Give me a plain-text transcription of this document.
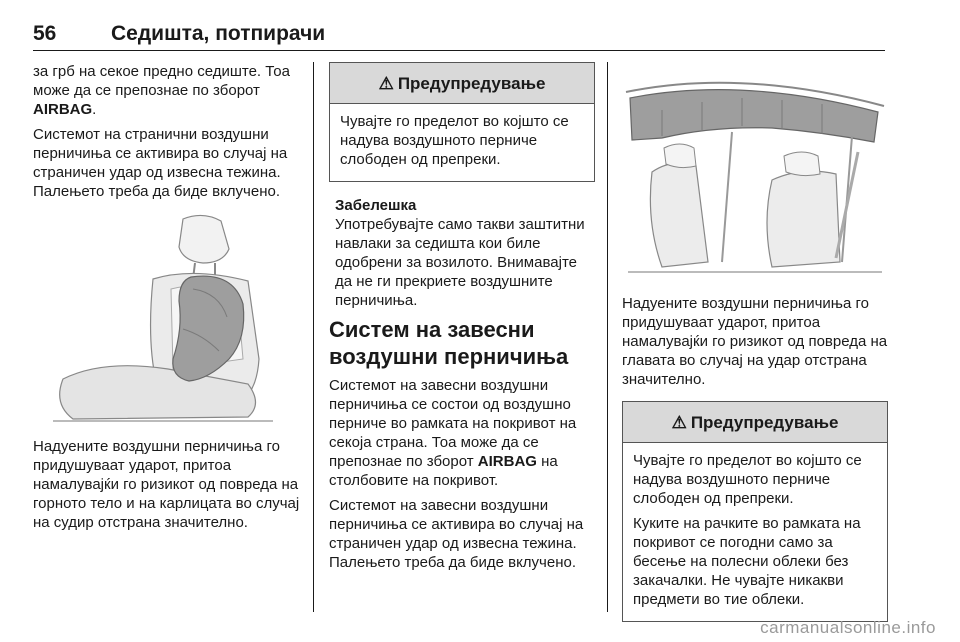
56	Седишта, потпирачи

за грб на секое предно седиште. Тоа може да се препознае по зборот AIRBAG.

Системот на странични воздушни перничиња се активира во случај на страничен удар од извесна тежина. Палењето треба да биде вклучено.

Надуените воздушни перничиња го придушуваат ударот, притоа намалувајќи го ризикот од повреда на горното тело и на карлицата во случај на судир отстрана значително.

⚠ Предупредување

Чувајте го пределот во којшто се надува воздушното перниче слободен од препреки.

Забелешка

Употребувајте само такви заштитни навлаки за седишта кои биле одобрени за возилото. Внимавајте да не ги прекриете воздушните перничиња.

Систем на завесни воздушни перничиња

Системот на завесни воздушни перничиња се состои од воздушно перниче во рамката на покривот на секоја страна. Тоа може да се препознае по зборот AIRBAG на столбовите на покривот.

Системот на завесни воздушни перничиња се активира во случај на страничен удар од извесна тежина. Палењето треба да биде вклучено.

Надуените воздушни перничиња го придушуваат ударот, притоа намалувајќи го ризикот од повреда на главата во случај на удар отстрана значително.

⚠ Предупредување

Чувајте го пределот во којшто се надува воздушното перниче слободен од препреки.

Куките на рачките во рамката на покривот се погодни само за бесење на полесни облеки без закачалки. Не чувајте никакви предмети во тие облеки.

carmanualsonline.info
